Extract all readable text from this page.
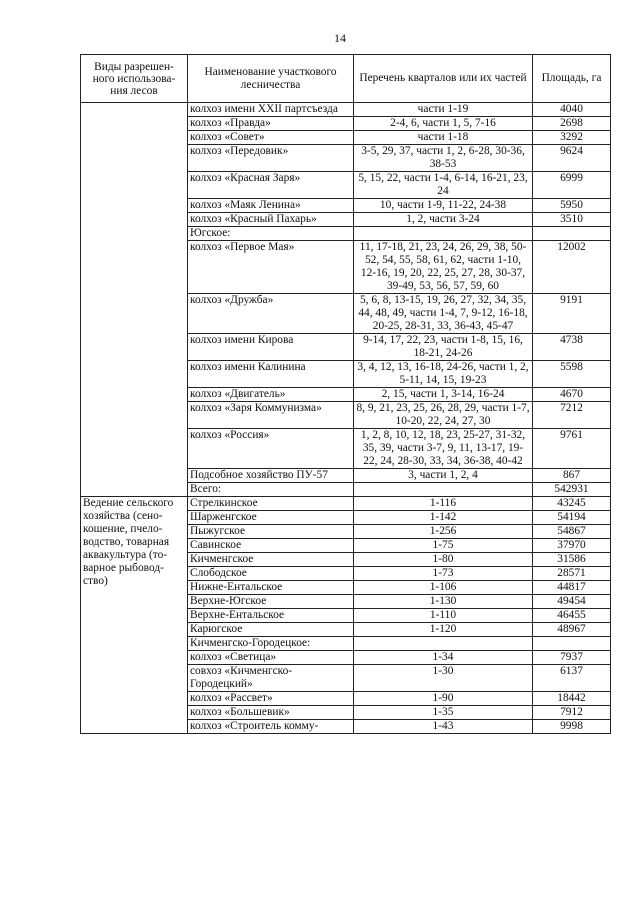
14
Виды разрешен-ного использова-ния лесов	Наименование участкового лесничества	Перечень кварталов или их частей	Площадь, га
	колхоз имени XXII партсъезда	части 1-19	4040
	колхоз «Правда»	2-4, 6, части 1, 5, 7-16	2698
	колхоз «Совет»	части 1-18	3292
	колхоз «Передовик»	3-5, 29, 37, части 1, 2, 6-28, 30-36, 38-53	9624
	колхоз «Красная Заря»	5, 15, 22, части 1-4, 6-14, 16-21, 23, 24	6999
	колхоз «Маяк Ленина»	10, части 1-9, 11-22, 24-38	5950
	колхоз «Красный Пахарь»	1, 2, части 3-24	3510
	Югское:		
	колхоз «Первое Мая»	11, 17-18, 21, 23, 24, 26, 29, 38, 50-52, 54, 55, 58, 61, 62, части 1-10, 12-16, 19, 20, 22, 25, 27, 28, 30-37, 39-49, 53, 56, 57, 59, 60	12002
	колхоз «Дружба»	5, 6, 8, 13-15, 19, 26, 27, 32, 34, 35, 44, 48, 49, части 1-4, 7, 9-12, 16-18, 20-25, 28-31, 33, 36-43, 45-47	9191
	колхоз имени Кирова	9-14, 17, 22, 23, части 1-8, 15, 16, 18-21, 24-26	4738
	колхоз имени Калинина	3, 4, 12, 13, 16-18, 24-26, части 1, 2, 5-11, 14, 15, 19-23	5598
	колхоз «Двигатель»	2, 15, части 1, 3-14, 16-24	4670
	колхоз «Заря Коммунизма»	8, 9, 21, 23, 25, 26, 28, 29, части 1-7, 10-20, 22, 24, 27, 30	7212
	колхоз «Россия»	1, 2, 8, 10, 12, 18, 23, 25-27, 31-32, 35, 39, части 3-7, 9, 11, 13-17, 19-22, 24, 28-30, 33, 34, 36-38, 40-42	9761
	Подсобное хозяйство ПУ-57	3, части 1, 2, 4	867
	Всего:		542931
Ведение сельского хозяйства (сено-кошение, пчело-водство, товарная аквакультура (то-варное рыбовод-ство)	Стрелкинское	1-116	43245
	Шарженгское	1-142	54194
	Пыжугское	1-256	54867
	Савинское	1-75	37970
	Кичменгское	1-80	31586
	Слободское	1-73	28571
	Нижне-Ентальское	1-106	44817
	Верхне-Югское	1-130	49454
	Верхне-Ентальское	1-110	46455
	Карюгское	1-120	48967
	Кичменгско-Городецкое:		
	колхоз «Светица»	1-34	7937
	совхоз «Кичменгско-Городецкий»	1-30	6137
	колхоз «Рассвет»	1-90	18442
	колхоз «Большевик»	1-35	7912
	колхоз «Строитель комму-	1-43	9998
